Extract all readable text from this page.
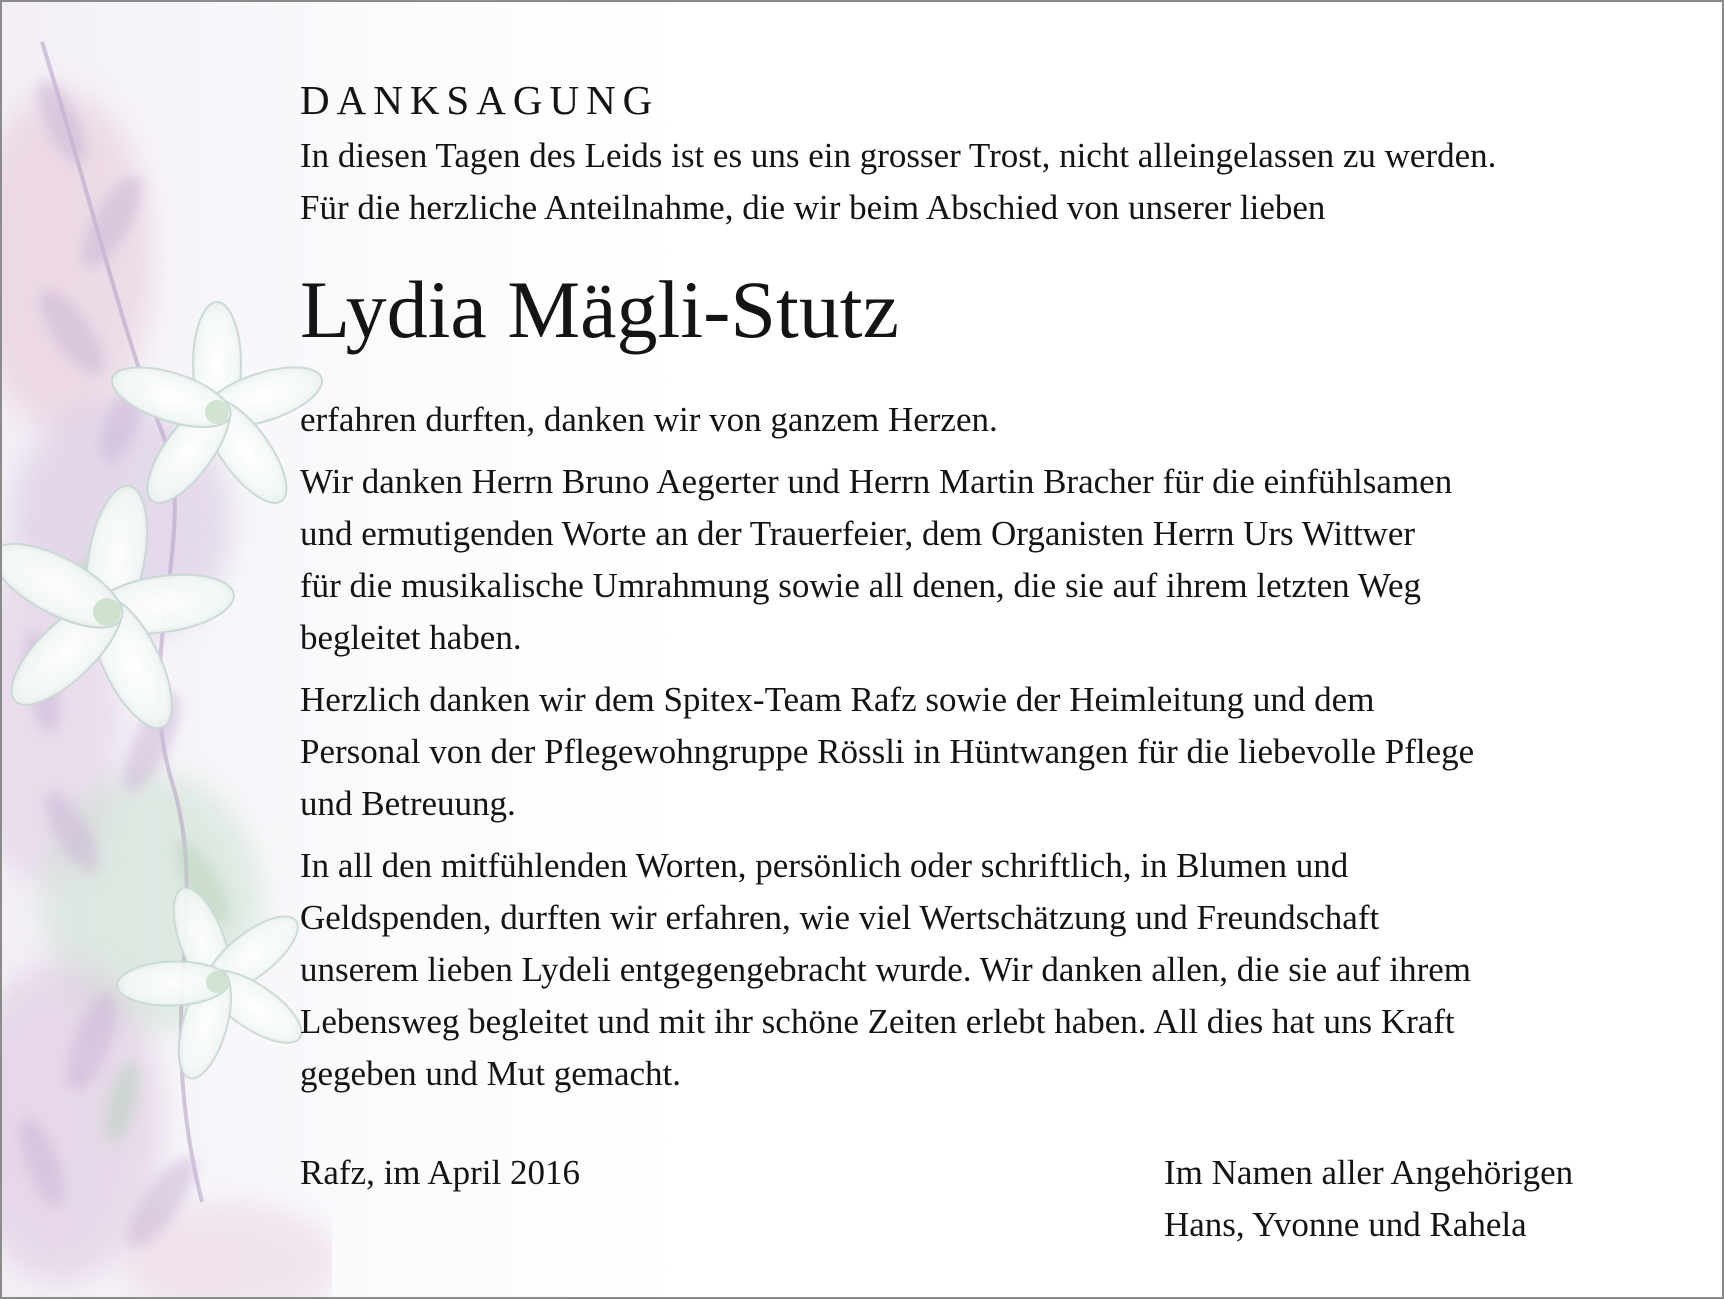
DANKSAGUNG
In diesen Tagen des Leids ist es uns ein grosser Trost, nicht alleingelassen zu werden.
Für die herzliche Anteilnahme, die wir beim Abschied von unserer lieben
Lydia Mägli-Stutz
erfahren durften, danken wir von ganzem Herzen.
Wir danken Herrn Bruno Aegerter und Herrn Martin Bracher für die einfühlsamen
und ermutigenden Worte an der Trauerfeier, dem Organisten Herrn Urs Wittwer
für die musikalische Umrahmung sowie all denen, die sie auf ihrem letzten Weg
begleitet haben.
Herzlich danken wir dem Spitex-Team Rafz sowie der Heimleitung und dem
Personal von der Pflegewohngruppe Rössli in Hüntwangen für die liebevolle Pflege
und Betreuung.
In all den mitfühlenden Worten, persönlich oder schriftlich, in Blumen und
Geldspenden, durften wir erfahren, wie viel Wertschätzung und Freundschaft
unserem lieben Lydeli entgegengebracht wurde. Wir danken allen, die sie auf ihrem
Lebensweg begleitet und mit ihr schöne Zeiten erlebt haben. All dies hat uns Kraft
gegeben und Mut gemacht.
Rafz, im April 2016	Im Namen aller Angehörigen
Hans, Yvonne und Rahela
